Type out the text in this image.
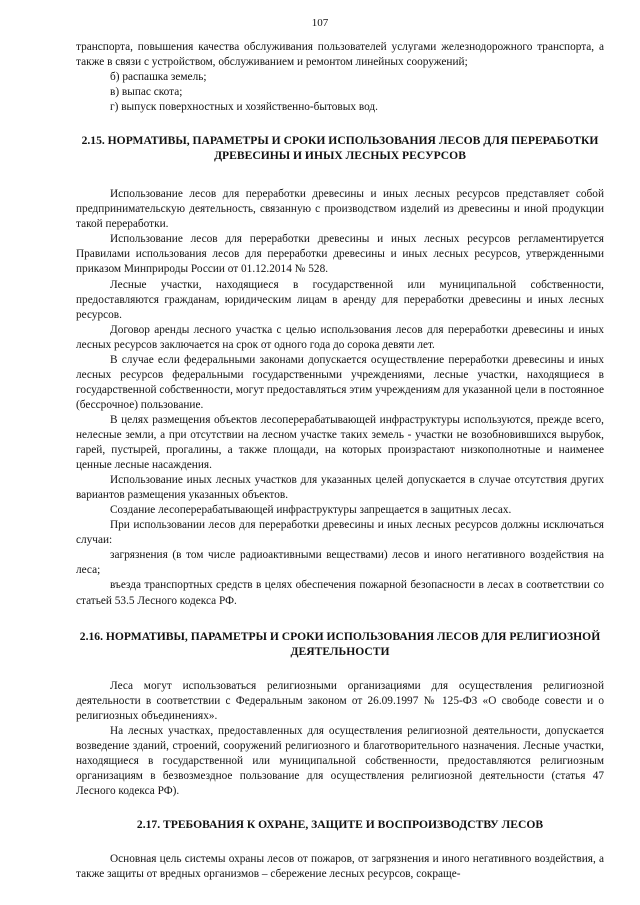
107

транспорта, повышения качества обслуживания пользователей услугами железнодорожного транспорта, а также в связи с устройством, обслуживанием и ремонтом линейных сооружений;

б) распашка земель;

в) выпас скота;

г) выпуск поверхностных и хозяйственно-бытовых вод.

2.15. НОРМАТИВЫ, ПАРАМЕТРЫ И СРОКИ ИСПОЛЬЗОВАНИЯ ЛЕСОВ ДЛЯ ПЕРЕРАБОТКИ ДРЕВЕСИНЫ И ИНЫХ ЛЕСНЫХ РЕСУРСОВ

Использование лесов для переработки древесины и иных лесных ресурсов представляет собой предпринимательскую деятельность, связанную с производством изделий из древесины и иной продукции такой переработки.

Использование лесов для переработки древесины и иных лесных ресурсов регламентируется Правилами использования лесов для переработки древесины и иных лесных ресурсов, утвержденными приказом Минприроды России от 01.12.2014 № 528.

Лесные участки, находящиеся в государственной или муниципальной собственности, предоставляются гражданам, юридическим лицам в аренду для переработки древесины и иных лесных ресурсов.

Договор аренды лесного участка с целью использования лесов для переработки древесины и иных лесных ресурсов заключается на срок от одного года до сорока девяти лет.

В случае если федеральными законами допускается осуществление переработки древесины и иных лесных ресурсов федеральными государственными учреждениями, лесные участки, находящиеся в государственной собственности, могут предоставляться этим учреждениям для указанной цели в постоянное (бессрочное) пользование.

В целях размещения объектов лесоперерабатывающей инфраструктуры используются, прежде всего, нелесные земли, а при отсутствии на лесном участке таких земель - участки не возобновившихся вырубок, гарей, пустырей, прогалины, а также площади, на которых произрастают низкополнотные и наименее ценные лесные насаждения.

Использование иных лесных участков для указанных целей допускается в случае отсутствия других вариантов размещения указанных объектов.

Создание лесоперерабатывающей инфраструктуры запрещается в защитных лесах.

При использовании лесов для переработки древесины и иных лесных ресурсов должны исключаться случаи:

загрязнения (в том числе радиоактивными веществами) лесов и иного негативного воздействия на леса;

въезда транспортных средств в целях обеспечения пожарной безопасности в лесах в соответствии со статьей 53.5 Лесного кодекса РФ.

2.16. НОРМАТИВЫ, ПАРАМЕТРЫ И СРОКИ ИСПОЛЬЗОВАНИЯ ЛЕСОВ ДЛЯ РЕЛИГИОЗНОЙ ДЕЯТЕЛЬНОСТИ

Леса могут использоваться религиозными организациями для осуществления религиозной деятельности в соответствии с Федеральным законом от 26.09.1997 № 125-ФЗ «О свободе совести и о религиозных объединениях».

На лесных участках, предоставленных для осуществления религиозной деятельности, допускается возведение зданий, строений, сооружений религиозного и благотворительного назначения. Лесные участки, находящиеся в государственной или муниципальной собственности, предоставляются религиозным организациям в безвозмездное пользование для осуществления религиозной деятельности (статья 47 Лесного кодекса РФ).

2.17. ТРЕБОВАНИЯ К ОХРАНЕ, ЗАЩИТЕ И ВОСПРОИЗВОДСТВУ ЛЕСОВ

Основная цель системы охраны лесов от пожаров, от загрязнения и иного негативного воздействия, а также защиты от вредных организмов – сбережение лесных ресурсов, сокраще-
